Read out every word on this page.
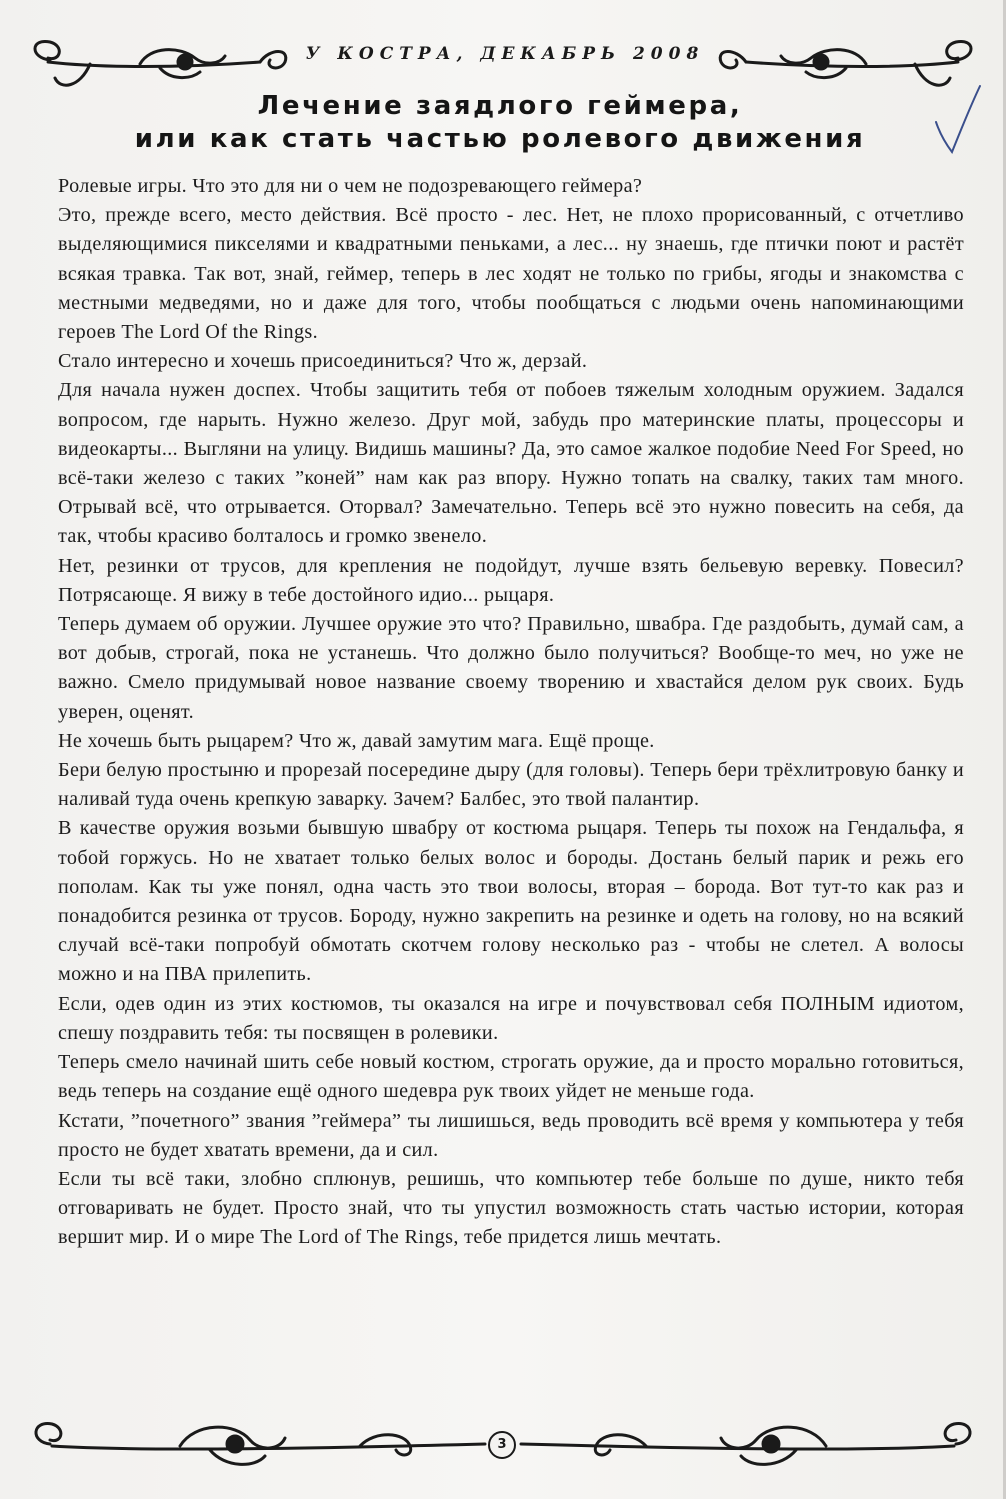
У КОСТРА, ДЕКАБРЬ 2008
Лечение заядлого геймера,
или как стать частью ролевого движения

Ролевые игры. Что это для ни о чем не подозревающего геймера?

Это, прежде всего, место действия. Всё просто - лес. Нет, не плохо прорисованный, с отчетливо выделяющимися пикселями и квадратными пеньками, а лес... ну знаешь, где птички поют и растёт всякая травка. Так вот, знай, геймер, теперь в лес ходят не только по грибы, ягоды и знакомства с местными медведями, но и даже для того, чтобы пообщаться с людьми очень напоминающими героев The Lord Of the Rings.

Стало интересно и хочешь присоединиться? Что ж, дерзай.

Для начала нужен доспех. Чтобы защитить тебя от побоев тяжелым холодным оружием. Задался вопросом, где нарыть. Нужно железо. Друг мой, забудь про материнские платы, процессоры и видеокарты... Выгляни на улицу. Видишь машины? Да, это самое жалкое подобие Need For Speed, но всё-таки железо с таких ”коней” нам как раз впору. Нужно топать на свалку, таких там много. Отрывай всё, что отрывается. Оторвал? Замечательно. Теперь всё это нужно повесить на себя, да так, чтобы красиво болталось и громко звенело.

Нет, резинки от трусов, для крепления не подойдут, лучше взять бельевую веревку. Повесил? Потрясающе. Я вижу в тебе достойного идио... рыцаря.

Теперь думаем об оружии. Лучшее оружие это что? Правильно, швабра. Где раздобыть, думай сам, а вот добыв, строгай, пока не устанешь. Что должно было получиться? Вообще-то меч, но уже не важно. Смело придумывай новое название своему творению и хвастайся делом рук своих. Будь уверен, оценят.

Не хочешь быть рыцарем? Что ж, давай замутим мага. Ещё проще.

Бери белую простыню и прорезай посередине дыру (для головы). Теперь бери трёхлитровую банку и наливай туда очень крепкую заварку. Зачем? Балбес, это твой палантир.

В качестве оружия возьми бывшую швабру от костюма рыцаря. Теперь ты похож на Гендальфа, я тобой горжусь. Но не хватает только белых волос и бороды. Достань белый парик и режь его пополам. Как ты уже понял, одна часть это твои волосы, вторая – борода. Вот тут-то как раз и понадобится резинка от трусов. Бороду, нужно закрепить на резинке и одеть на голову, но на всякий случай всё-таки попробуй обмотать скотчем голову несколько раз - чтобы не слетел. А волосы можно и на ПВА прилепить.

Если, одев один из этих костюмов, ты оказался на игре и почувствовал себя ПОЛНЫМ идиотом, спешу поздравить тебя: ты посвящен в ролевики.

Теперь смело начинай шить себе новый костюм, строгать оружие, да и просто морально готовиться, ведь теперь на создание ещё одного шедевра рук твоих уйдет не меньше года.

Кстати, ”почетного” звания ”геймера” ты лишишься, ведь проводить всё время у компьютера у тебя просто не будет хватать времени, да и сил.

Если ты всё таки, злобно сплюнув, решишь, что компьютер тебе больше по душе, никто тебя отговаривать не будет. Просто знай, что ты упустил возможность стать частью истории, которая вершит мир. И о мире The Lord of The Rings, тебе придется лишь мечтать.

3
